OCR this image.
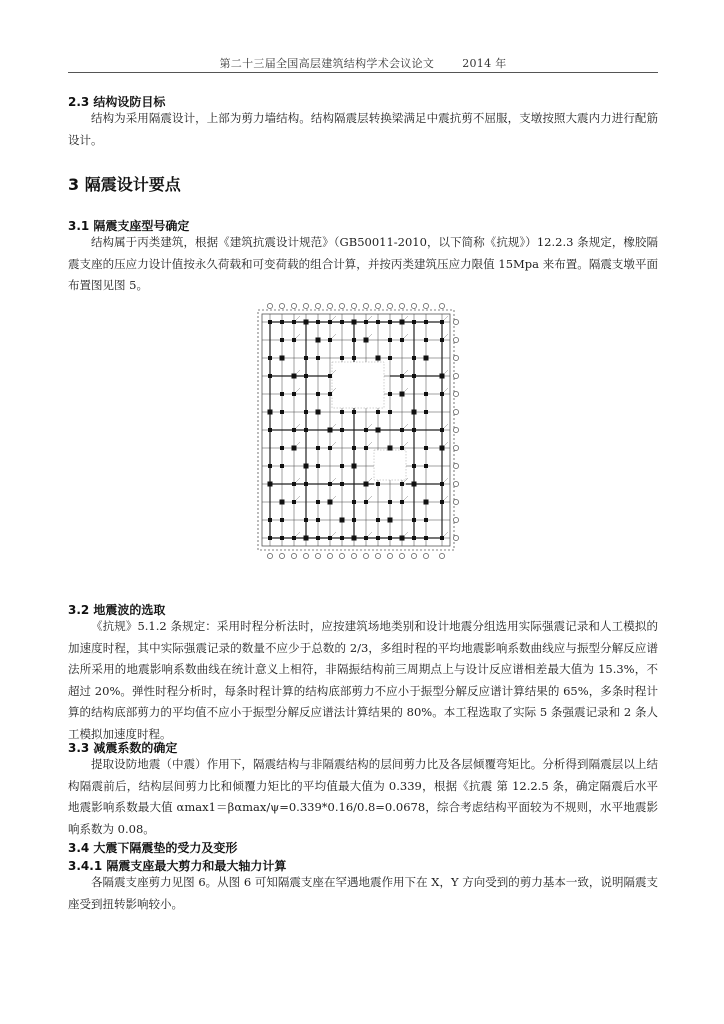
第二十三届全国高层建筑结构学术会议论文	2014 年
2.3 结构设防目标

结构为采用隔震设计，上部为剪力墙结构。结构隔震层转换梁满足中震抗剪不屈服，支墩按照大震内力进行配筋设计。

3 隔震设计要点
3.1 隔震支座型号确定

结构属于丙类建筑，根据《建筑抗震设计规范》（GB50011-2010，以下简称《抗规》）12.2.3 条规定，橡胶隔震支座的压应力设计值按永久荷载和可变荷载的组合计算，并按丙类建筑压应力限值 15Mpa 来布置。隔震支墩平面布置图见图 5。

3.2 地震波的选取

《抗规》5.1.2 条规定：采用时程分析法时，应按建筑场地类别和设计地震分组选用实际强震记录和人工模拟的加速度时程，其中实际强震记录的数量不应少于总数的 2/3，多组时程的平均地震影响系数曲线应与振型分解反应谱法所采用的地震影响系数曲线在统计意义上相符，非隔振结构前三周期点上与设计反应谱相差最大值为 15.3%，不超过 20%。弹性时程分析时，每条时程计算的结构底部剪力不应小于振型分解反应谱计算结果的 65%，多条时程计算的结构底部剪力的平均值不应小于振型分解反应谱法计算结果的 80%。本工程选取了实际 5 条强震记录和 2 条人工模拟加速度时程。

3.3 减震系数的确定

提取设防地震（中震）作用下，隔震结构与非隔震结构的层间剪力比及各层倾覆弯矩比。分析得到隔震层以上结构隔震前后，结构层间剪力比和倾覆力矩比的平均值最大值为 0.339，根据《抗震 第 12.2.5 条，确定隔震后水平地震影响系数最大值 αmax1＝βαmax/ψ=0.339*0.16/0.8=0.0678，综合考虑结构平面较为不规则，水平地震影响系数为 0.08。

3.4 大震下隔震垫的受力及变形
3.4.1 隔震支座最大剪力和最大轴力计算

各隔震支座剪力见图 6。从图 6 可知隔震支座在罕遇地震作用下在 X，Y 方向受到的剪力基本一致，说明隔震支座受到扭转影响较小。
